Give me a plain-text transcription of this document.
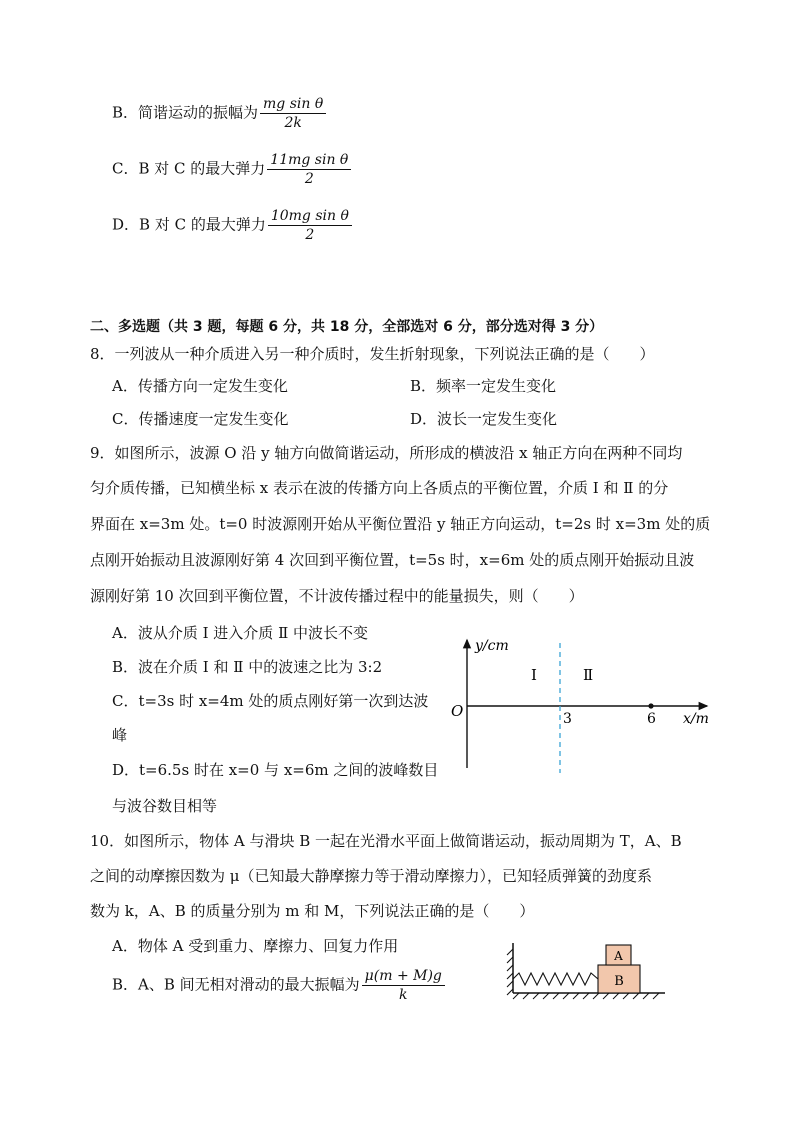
B．简谐运动的振幅为 $\frac{\text{mg sin θ}}{2k}$
C．B 对 C 的最大弹力 $\frac{\text{11mg sin θ}}{2}$
D．B 对 C 的最大弹力 $\frac{\text{10mg sin θ}}{2}$
二、多选题（共 3 题，每题 6 分，共 18 分，全部选对 6 分，部分选对得 3 分）
8．一列波从一种介质进入另一种介质时，发生折射现象，下列说法正确的是（　　）
A．传播方向一定发生变化	B．频率一定发生变化
C．传播速度一定发生变化	D．波长一定发生变化
9．如图所示，波源 O 沿 y 轴方向做简谐运动，所形成的横波沿 x 轴正方向在两种不同均
匀介质传播，已知横坐标 x 表示在波的传播方向上各质点的平衡位置，介质 Ⅰ 和 Ⅱ 的分
界面在 x=3m 处。t=0 时波源刚开始从平衡位置沿 y 轴正方向运动，t=2s 时 x=3m 处的质
点刚开始振动且波源刚好第 4 次回到平衡位置，t=5s 时，x=6m 处的质点刚开始振动且波
源刚好第 10 次回到平衡位置，不计波传播过程中的能量损失，则（　　）
A．波从介质 Ⅰ 进入介质 Ⅱ 中波长不变
B．波在介质 Ⅰ 和 Ⅱ 中的波速之比为 3:2
C．t=3s 时 x=4m 处的质点刚好第一次到达波
峰
D．t=6.5s 时在 x=0 与 x=6m 之间的波峰数目
与波谷数目相等
y/cm
x/m
O	3	6
Ⅰ	Ⅱ
10．如图所示，物体 A 与滑块 B 一起在光滑水平面上做简谐运动，振动周期为 T，A、B
之间的动摩擦因数为 μ（已知最大静摩擦力等于滑动摩擦力），已知轻质弹簧的劲度系
数为 k，A、B 的质量分别为 m 和 M，下列说法正确的是（　　）
A．物体 A 受到重力、摩擦力、回复力作用
B．A、B 间无相对滑动的最大振幅为 $\frac{\mu(m + M)g}{k}$	B
A
